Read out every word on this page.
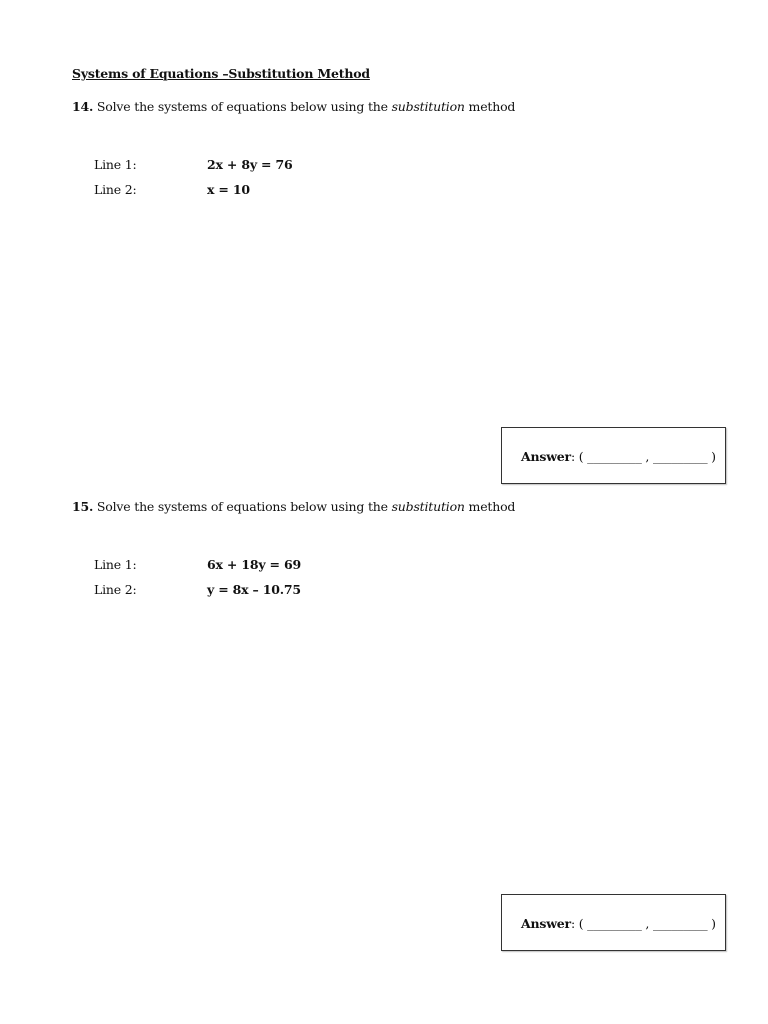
Systems of Equations –Substitution Method
14. Solve the systems of equations below using the substitution method
Line 1:	2x + 8y = 76
Line 2:	x = 10
Answer: ( _________ , _________ )
15. Solve the systems of equations below using the substitution method
Line 1:	6x + 18y = 69
Line 2:	y = 8x – 10.75
Answer: ( _________ , _________ )
